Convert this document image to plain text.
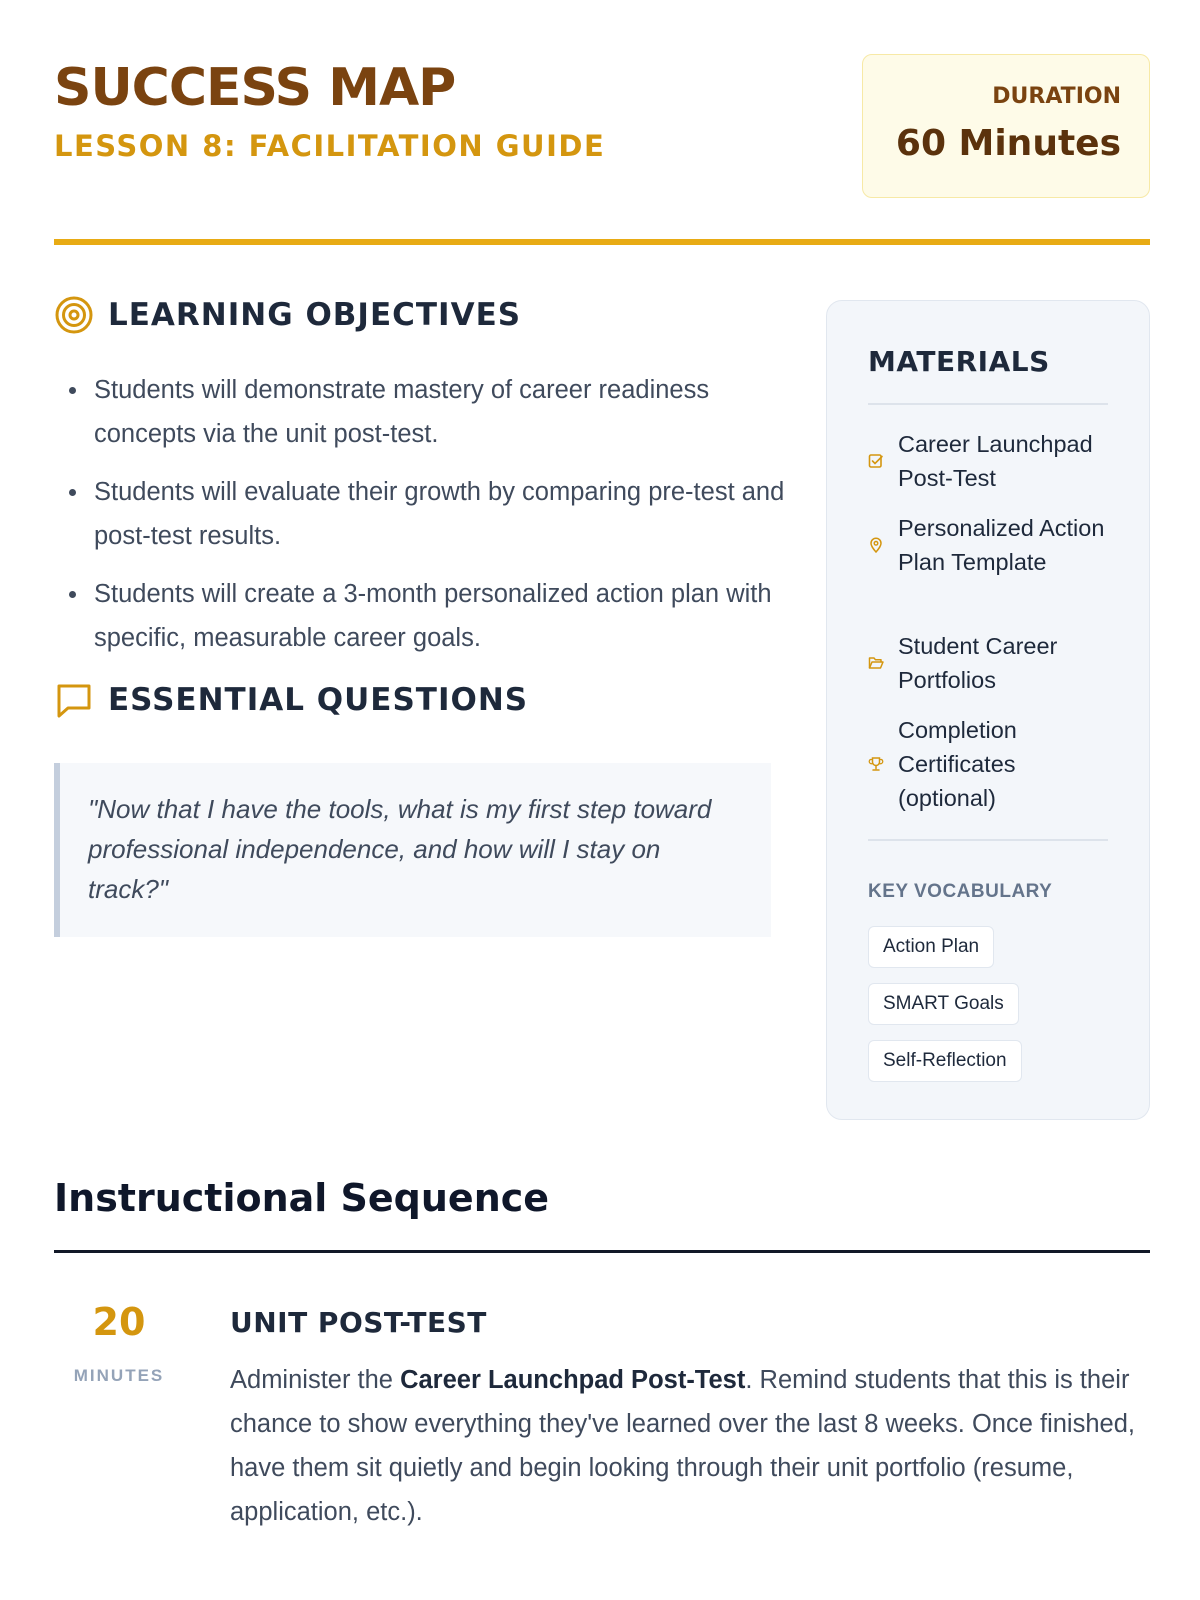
SUCCESS MAP
LESSON 8: FACILITATION GUIDE
DURATION
60 Minutes
LEARNING OBJECTIVES
Students will demonstrate mastery of career readiness concepts via the unit post-test.
Students will evaluate their growth by comparing pre-test and post-test results.
Students will create a 3-month personalized action plan with specific, measurable career goals.
ESSENTIAL QUESTIONS
"Now that I have the tools, what is my first step toward professional independence, and how will I stay on track?"
MATERIALS
Career Launchpad Post-Test
Personalized Action Plan Template
Student Career Portfolios
Completion Certificates (optional)
KEY VOCABULARY
Action Plan
SMART Goals
Self-Reflection
Instructional Sequence
20
MINUTES
UNIT POST-TEST

Administer the Career Launchpad Post-Test. Remind students that this is their chance to show everything they've learned over the last 8 weeks. Once finished, have them sit quietly and begin looking through their unit portfolio (resume, application, etc.).
